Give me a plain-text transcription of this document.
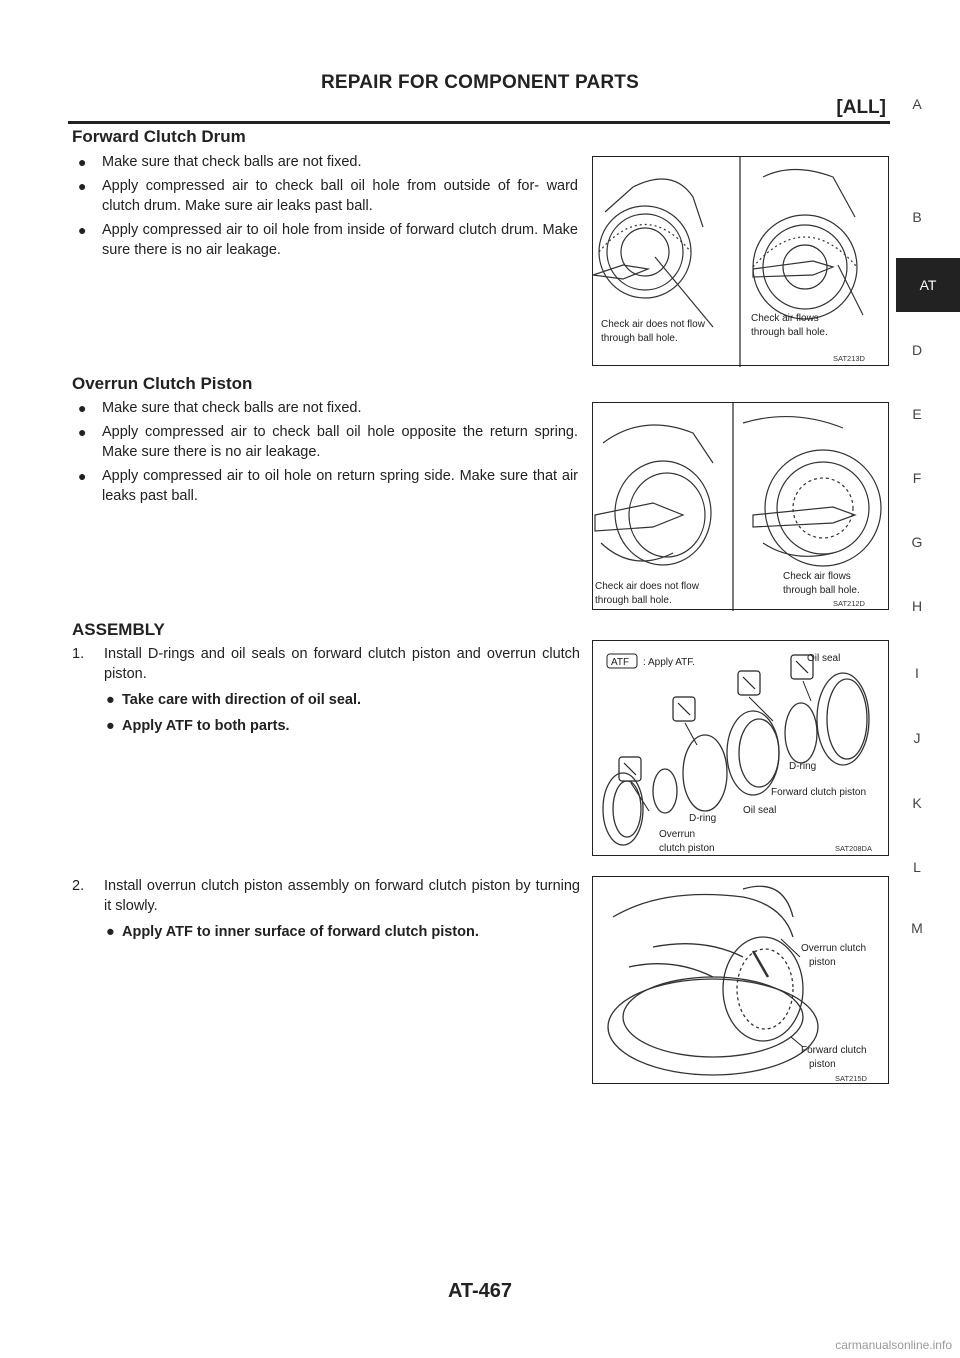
REPAIR FOR COMPONENT PARTS
[ALL]
Forward Clutch Drum
● Make sure that check balls are not fixed.
● Apply compressed air to check ball oil hole from outside of for- ward clutch drum. Make sure air leaks past ball.
● Apply compressed air to oil hole from inside of forward clutch drum. Make sure there is no air leakage.
Check air does not flow
through ball hole.
Check air flows
through ball hole.
SAT213D
Overrun Clutch Piston
● Make sure that check balls are not fixed.
● Apply compressed air to check ball oil hole opposite the return spring. Make sure there is no air leakage.
● Apply compressed air to oil hole on return spring side. Make sure that air leaks past ball.
Check air does not flow
through ball hole.
Check air flows
through ball hole.
SAT212D
ASSEMBLY
1.	Install D-rings and oil seals on forward clutch piston and overrun clutch piston.
● Take care with direction of oil seal.
● Apply ATF to both parts.
ATF : Apply ATF.	Oil seal
D-ring
Forward clutch piston
Oil seal
D-ring
Overrun
clutch piston	SAT208DA
2.	Install overrun clutch piston assembly on forward clutch piston by turning it slowly.
● Apply ATF to inner surface of forward clutch piston.
Overrun clutch
piston
Forward clutch
piston
SAT215D
A
B
AT
D
E
F
G
H
I
J
K
L
M
AT-467
carmanualsonline.info
